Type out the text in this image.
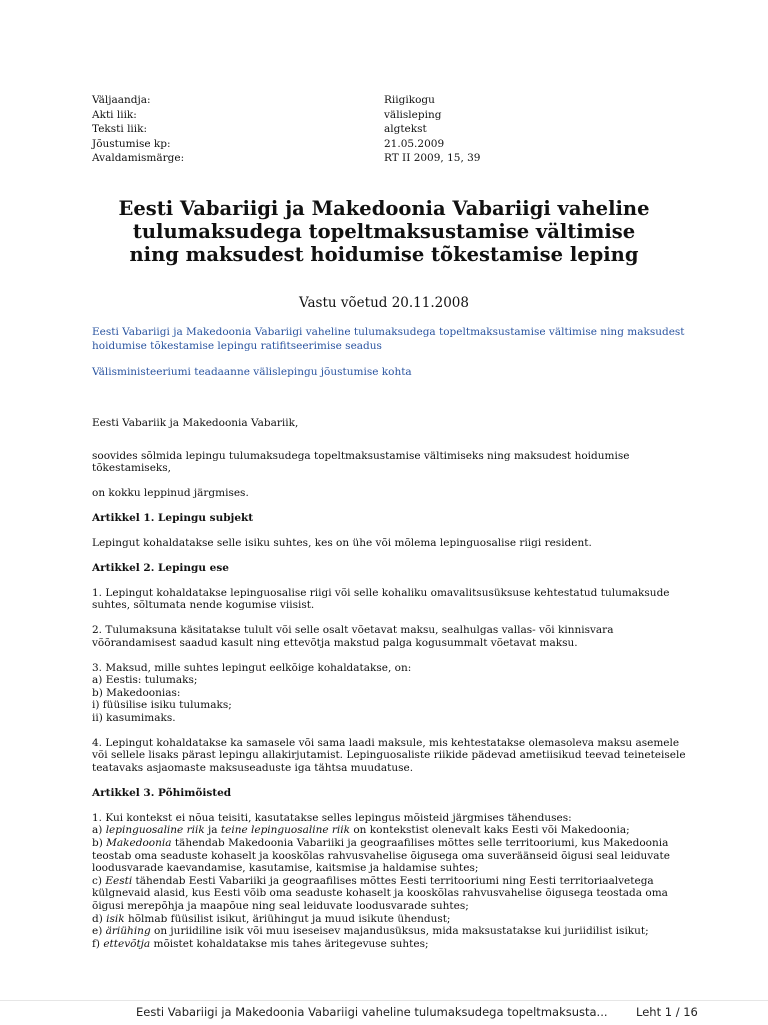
Väljaandja:	Riigikogu
Akti liik:	välisleping
Teksti liik:	algtekst
Jõustumise kp:	21.05.2009
Avaldamismärge:	RT II 2009, 15, 39
Eesti Vabariigi ja Makedoonia Vabariigi vaheline
tulumaksudega topeltmaksustamise vältimise
ning maksudest hoidumise tõkestamise leping
Vastu võetud 20.11.2008
Eesti Vabariigi ja Makedoonia Vabariigi vaheline tulumaksudega topeltmaksustamise vältimise ning maksudest
hoidumise tõkestamise lepingu ratifitseerimise seadus
Välisministeeriumi teadaanne välislepingu jõustumise kohta

Eesti Vabariik ja Makedoonia Vabariik,

soovides sõlmida lepingu tulumaksudega topeltmaksustamise vältimiseks ning maksudest hoidumise
tõkestamiseks,

on kokku leppinud järgmises.

Artikkel 1. Lepingu subjekt

Lepingut kohaldatakse selle isiku suhtes, kes on ühe või mõlema lepinguosalise riigi resident.

Artikkel 2. Lepingu ese

1. Lepingut kohaldatakse lepinguosalise riigi või selle kohaliku omavalitsusüksuse kehtestatud tulumaksude
suhtes, sõltumata nende kogumise viisist.

2. Tulumaksuna käsitatakse tulult või selle osalt võetavat maksu, sealhulgas vallas- või kinnisvara
võõrandamisest saadud kasult ning ettevõtja makstud palga kogusummalt võetavat maksu.

3. Maksud, mille suhtes lepingut eelkõige kohaldatakse, on:
a) Eestis: tulumaks;
b) Makedoonias:
i) füüsilise isiku tulumaks;
ii) kasumimaks.

4. Lepingut kohaldatakse ka samasele või sama laadi maksule, mis kehtestatakse olemasoleva maksu asemele
või sellele lisaks pärast lepingu allakirjutamist. Lepinguosaliste riikide pädevad ametiisikud teevad teineteisele
teatavaks asjaomaste maksuseaduste iga tähtsa muudatuse.

Artikkel 3. Põhimõisted

1. Kui kontekst ei nõua teisiti, kasutatakse selles lepingus mõisteid järgmises tähenduses:
a) lepinguosaline riik ja teine lepinguosaline riik on kontekstist olenevalt kaks Eesti või Makedoonia;
b) Makedoonia tähendab Makedoonia Vabariiki ja geograafilises mõttes selle territooriumi, kus Makedoonia
teostab oma seaduste kohaselt ja kooskõlas rahvusvahelise õigusega oma suveräänseid õigusi seal leiduvate
loodusvarade kaevandamise, kasutamise, kaitsmise ja haldamise suhtes;
c) Eesti tähendab Eesti Vabariiki ja geograafilises mõttes Eesti territooriumi ning Eesti territoriaalvetega
külgnevaid alasid, kus Eesti võib oma seaduste kohaselt ja kooskõlas rahvusvahelise õigusega teostada oma
õigusi merepõhja ja maapõue ning seal leiduvate loodusvarade suhtes;
d) isik hõlmab füüsilist isikut, äriühingut ja muud isikute ühendust;
e) äriühing on juriidiline isik või muu iseseisev majandusüksus, mida maksustatakse kui juriidilist isikut;
f) ettevõtja mõistet kohaldatakse mis tahes äritegevuse suhtes;

Eesti Vabariigi ja Makedoonia Vabariigi vaheline tulumaksudega topeltmaksusta... Leht 1 / 16
